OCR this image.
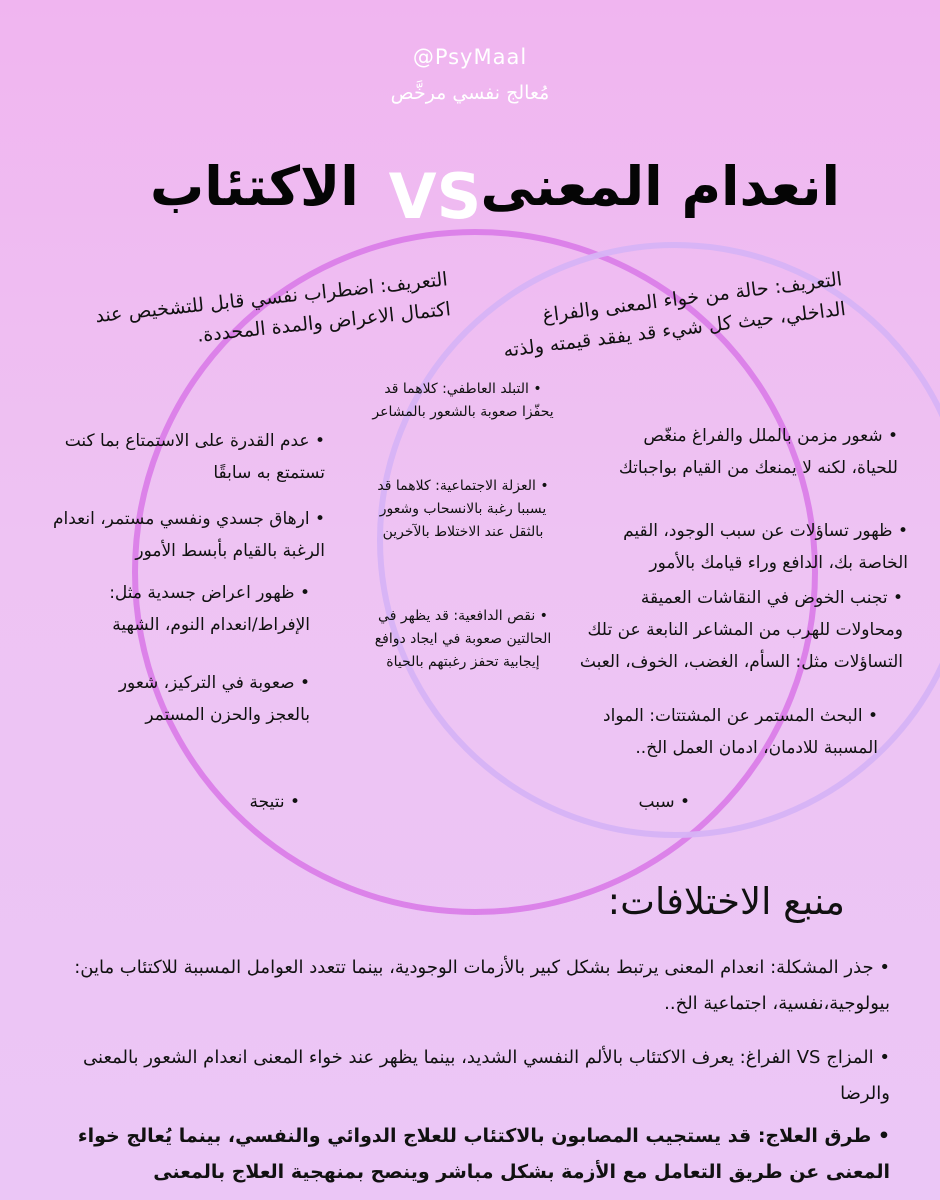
@PsyMaal
مُعالج نفسي مرخَّص
انعدام المعنى
VS
الاكتئاب
التعريف: حالة من خواء المعنى والفراغ الداخلي، حيث كل شيء قد يفقد قيمته ولذته
• شعور مزمن بالملل والفراغ منغّص للحياة، لكنه لا يمنعك من القيام بواجباتك
• ظهور تساؤلات عن سبب الوجود، القيم الخاصة بك، الدافع وراء قيامك بالأمور
• تجنب الخوض في النقاشات العميقة ومحاولات للهرب من المشاعر النابعة عن تلك التساؤلات مثل: السأم، الغضب، الخوف، العبث
• البحث المستمر عن المشتتات: المواد المسببة للادمان، ادمان العمل الخ..
• سبب
التعريف: اضطراب نفسي قابل للتشخيص عند اكتمال الاعراض والمدة المحددة.
• عدم القدرة على الاستمتاع بما كنت تستمتع به سابقًا
• ارهاق جسدي ونفسي مستمر، انعدام الرغبة بالقيام بأبسط الأمور
• ظهور اعراض جسدية مثل: الإفراط/انعدام النوم، الشهية
• صعوبة في التركيز، شعور بالعجز والحزن المستمر
• نتيجة
• التبلد العاطفي: كلاهما قد يحفّزا صعوبة بالشعور بالمشاعر
• العزلة الاجتماعية: كلاهما قد يسببا رغبة بالانسحاب وشعور بالثقل عند الاختلاط بالآخرين
• نقص الدافعية: قد يظهر في الحالتين صعوبة في ايجاد دوافع إيجابية تحفز رغبتهم بالحياة
منبع الاختلافات:
• جذر المشكلة: انعدام المعنى يرتبط بشكل كبير بالأزمات الوجودية، بينما تتعدد العوامل المسببة للاكتئاب ماين: بيولوجية،نفسية، اجتماعية الخ..
• المزاج VS الفراغ: يعرف الاكتئاب بالألم النفسي الشديد، بينما يظهر عند خواء المعنى انعدام الشعور بالمعنى والرضا
• طرق العلاج: قد يستجيب المصابون بالاكتئاب للعلاج الدوائي والنفسي، بينما يُعالج خواء المعنى عن طريق التعامل مع الأزمة بشكل مباشر وينصح بمنهجية العلاج بالمعنى
